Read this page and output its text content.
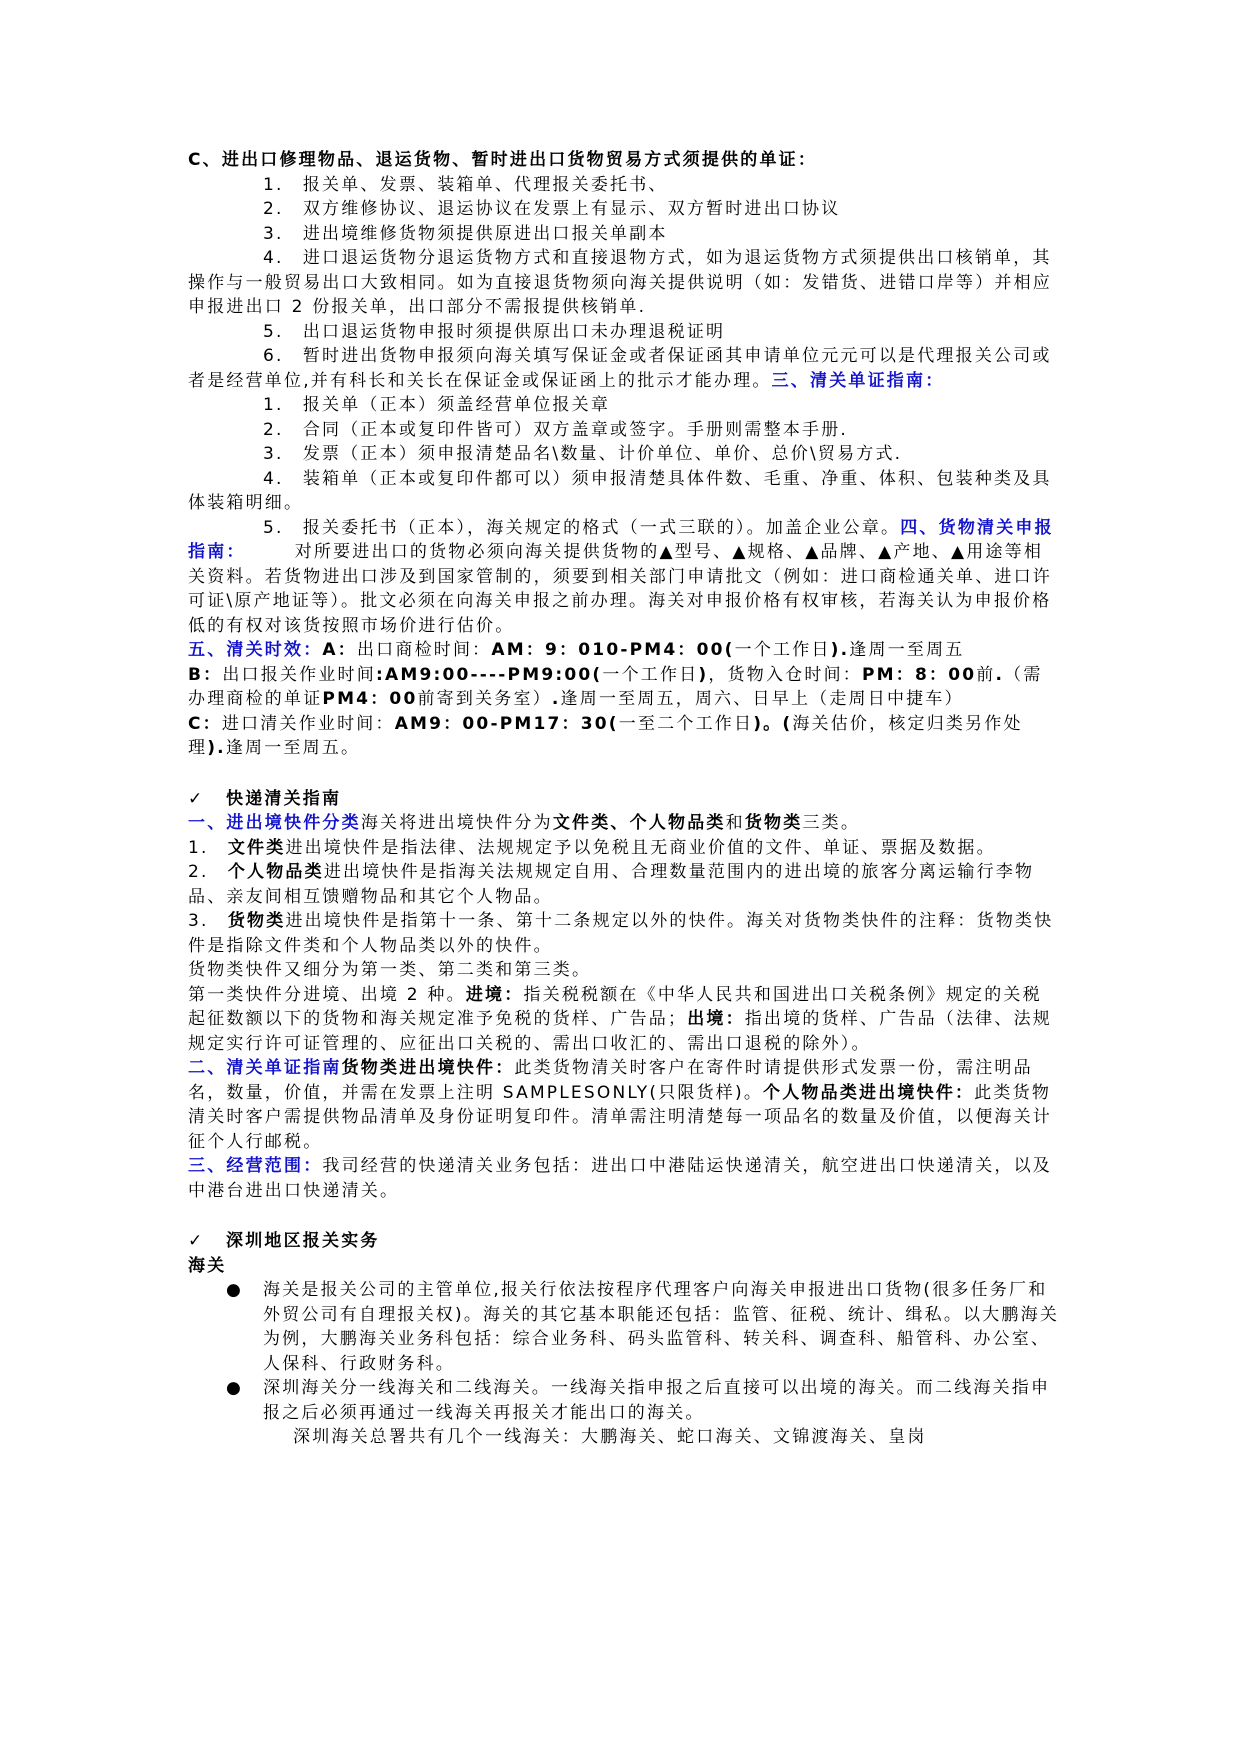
C、进出口修理物品、退运货物、暂时进出口货物贸易方式须提供的单证：

1.　报关单、发票、装箱单、代理报关委托书、

2.　双方维修协议、退运协议在发票上有显示、双方暂时进出口协议

3.　进出境维修货物须提供原进出口报关单副本

4.　进口退运货物分退运货物方式和直接退物方式，如为退运货物方式须提供出口核销单，其操作与一般贸易出口大致相同。如为直接退货物须向海关提供说明（如：发错货、进错口岸等）并相应申报进出口 2 份报关单，出口部分不需报提供核销单.

5.　出口退运货物申报时须提供原出口未办理退税证明

6.　暂时进出货物申报须向海关填写保证金或者保证函其申请单位元元可以是代理报关公司或者是经营单位,并有科长和关长在保证金或保证函上的批示才能办理。三、清关单证指南：

1.　报关单（正本）须盖经营单位报关章

2.　合同（正本或复印件皆可）双方盖章或签字。手册则需整本手册.

3.　发票（正本）须申报清楚品名\数量、计价单位、单价、总价\贸易方式.

4.　装箱单（正本或复印件都可以）须申报清楚具体件数、毛重、净重、体积、包装种类及具体装箱明细。

5.　报关委托书（正本），海关规定的格式（一式三联的）。加盖企业公章。四、货物清关申报指南：　　　对所要进出口的货物必须向海关提供货物的▲型号、▲规格、▲品牌、▲产地、▲用途等相关资料。若货物进出口涉及到国家管制的，须要到相关部门申请批文（例如：进口商检通关单、进口许可证\原产地证等）。批文必须在向海关申报之前办理。海关对申报价格有权审核，若海关认为申报价格低的有权对该货按照市场价进行估价。

五、清关时效：A：出口商检时间：AM：9：010-PM4：00(一个工作日).逢周一至周五

B：出口报关作业时间:AM9:00----PM9:00(一个工作日)，货物入仓时间：PM：8：00前.（需办理商检的单证PM4：00前寄到关务室）.逢周一至周五，周六、日早上（走周日中捷车）

C：进口清关作业时间：AM9：00-PM17：30(一至二个工作日)。(海关估价，核定归类另作处理).逢周一至周五。

✓ 快递清关指南

一、进出境快件分类海关将进出境快件分为文件类、个人物品类和货物类三类。

1.　 文件类进出境快件是指法律、法规规定予以免税且无商业价值的文件、单证、票据及数据。

2.　 个人物品类进出境快件是指海关法规规定自用、合理数量范围内的进出境的旅客分离运输行李物品、亲友间相互馈赠物品和其它个人物品。

3.　 货物类进出境快件是指第十一条、第十二条规定以外的快件。海关对货物类快件的注释：货物类快件是指除文件类和个人物品类以外的快件。

货物类快件又细分为第一类、第二类和第三类。

第一类快件分进境、出境 2 种。进境：指关税税额在《中华人民共和国进出口关税条例》规定的关税起征数额以下的货物和海关规定准予免税的货样、广告品；出境：指出境的货样、广告品（法律、法规规定实行许可证管理的、应征出口关税的、需出口收汇的、需出口退税的除外）。

二、清关单证指南货物类进出境快件：此类货物清关时客户在寄件时请提供形式发票一份，需注明品名，数量，价值，并需在发票上注明 SAMPLESONLY(只限货样)。个人物品类进出境快件：此类货物清关时客户需提供物品清单及身份证明复印件。清单需注明清楚每一项品名的数量及价值，以便海关计征个人行邮税。

三、经营范围：我司经营的快递清关业务包括：进出口中港陆运快递清关，航空进出口快递清关，以及中港台进出口快递清关。

✓ 深圳地区报关实务

海关

●	海关是报关公司的主管单位,报关行依法按程序代理客户向海关申报进出口货物(很多任务厂和外贸公司有自理报关权)。海关的其它基本职能还包括：监管、征税、统计、缉私。以大鹏海关为例，大鹏海关业务科包括：综合业务科、码头监管科、转关科、调查科、船管科、办公室、人保科、行政财务科。
●	深圳海关分一线海关和二线海关。一线海关指申报之后直接可以出境的海关。而二线海关指申报之后必须再通过一线海关再报关才能出口的海关。

深圳海关总署共有几个一线海关：大鹏海关、蛇口海关、文锦渡海关、皇岗
